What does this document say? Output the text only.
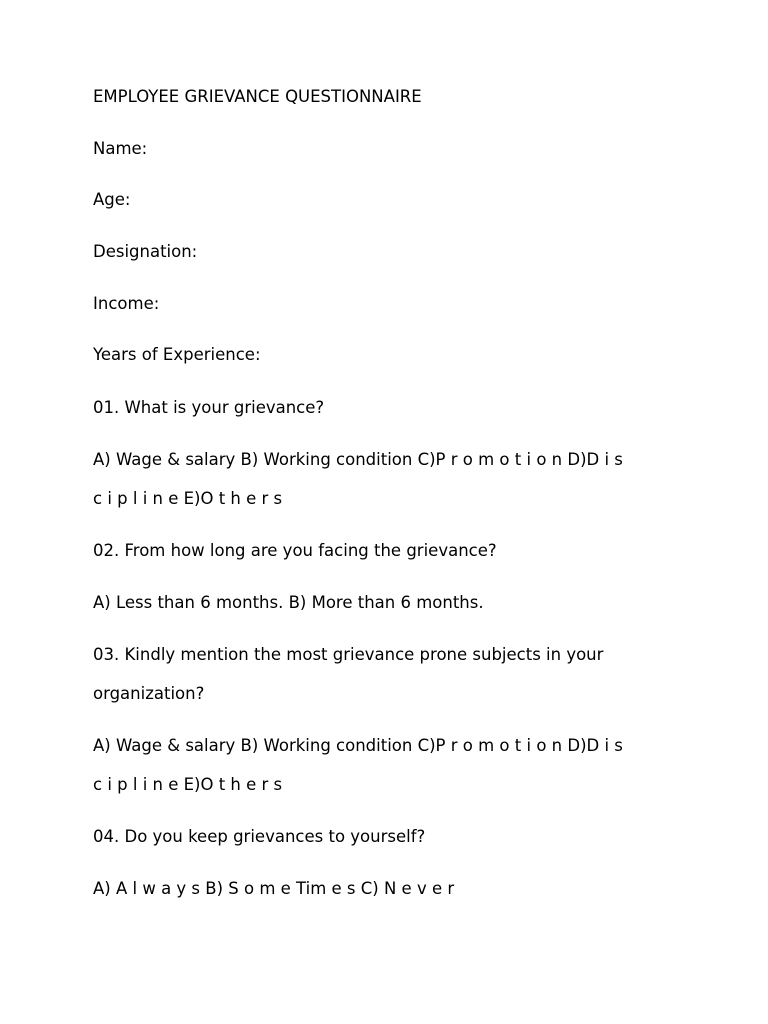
EMPLOYEE GRIEVANCE QUESTIONNAIRE
Name:
Age:
Designation:
Income:
Years of Experience:
01. What is your grievance?
A) Wage & salary B) Working condition C)P r o m o t i o n D)D i s
c i p l i n e E)O t h e r s
02. From how long are you facing the grievance?
A) Less than 6 months. B) More than 6 months.
03. Kindly mention the most grievance prone subjects in your
organization?
A) Wage & salary B) Working condition C)P r o m o t i o n D)D i s
c i p l i n e E)O t h e r s
04. Do you keep grievances to yourself?
A) A l w a y s B) S o m e Tim e s C) N e v e r
